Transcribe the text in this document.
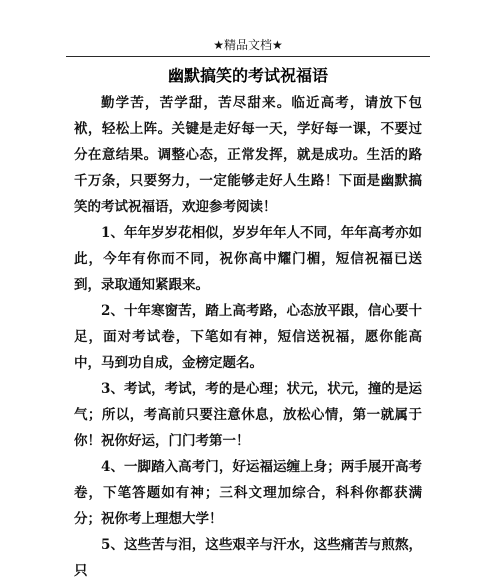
★精品文档★
幽默搞笑的考试祝福语

勤学苦，苦学甜，苦尽甜来。临近高考，请放下包袱，轻松上阵。关键是走好每一天，学好每一课，不要过分在意结果。调整心态，正常发挥，就是成功。生活的路千万条，只要努力，一定能够走好人生路！下面是幽默搞笑的考试祝福语，欢迎参考阅读！

1、年年岁岁花相似，岁岁年年人不同，年年高考亦如此，今年有你而不同，祝你高中耀门楣，短信祝福已送到，录取通知紧跟来。

2、十年寒窗苦，踏上高考路，心态放平跟，信心要十足，面对考试卷，下笔如有神，短信送祝福，愿你能高中，马到功自成，金榜定题名。

3、考试，考试，考的是心理；状元，状元，撞的是运气；所以，考高前只要注意休息，放松心情，第一就属于你！祝你好运，门门考第一！

4、一脚踏入高考门，好运福运缠上身；两手展开高考卷，下笔答题如有神；三科文理加综合，科科你都获满分；祝你考上理想大学！

5、这些苦与泪，这些艰辛与汗水，这些痛苦与煎熬，只
